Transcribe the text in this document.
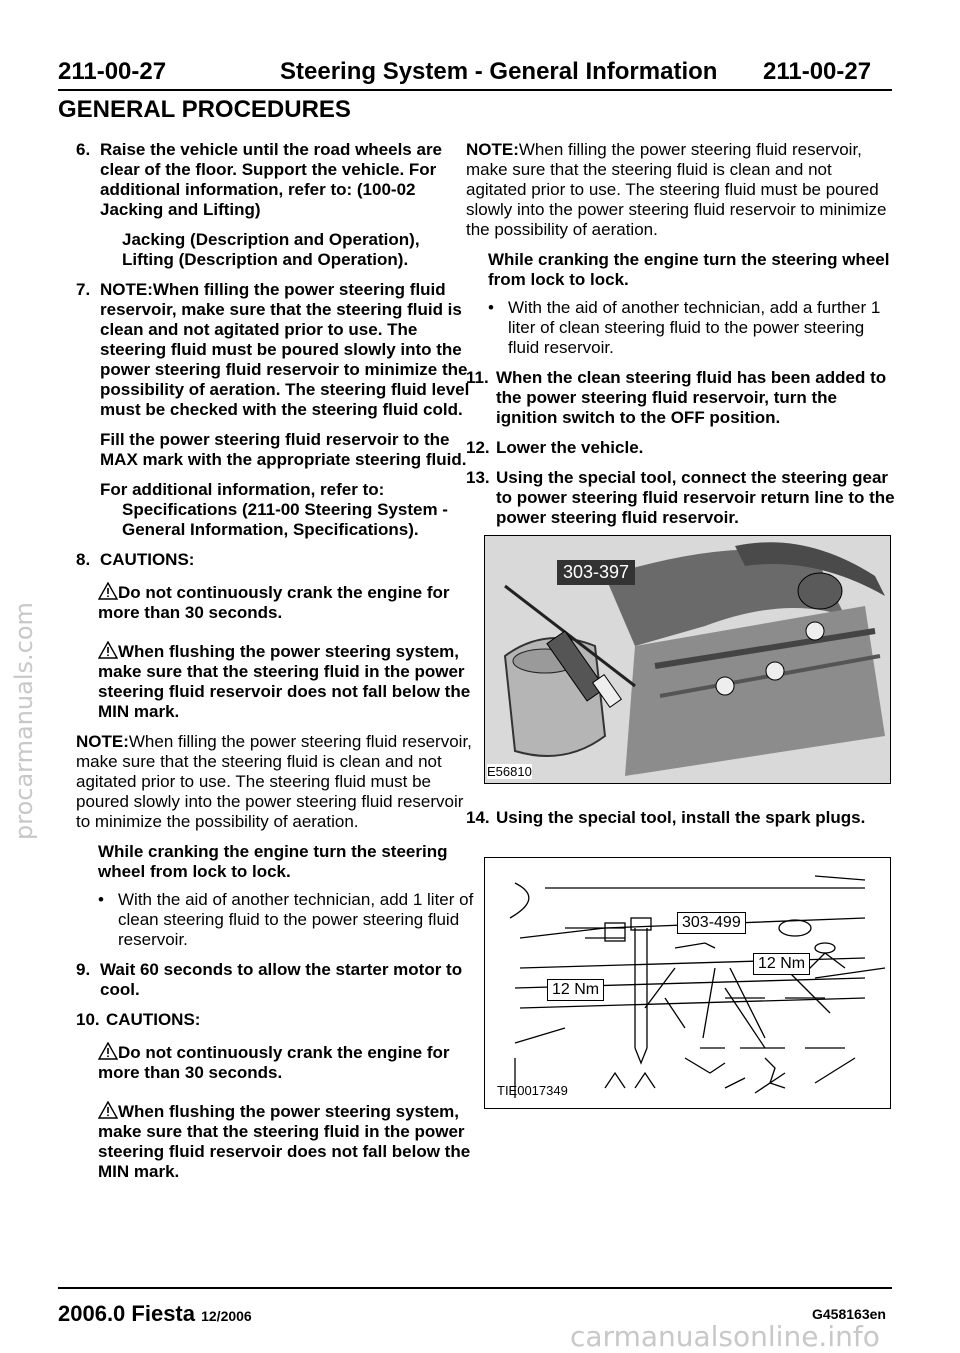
211-00-27	Steering System - General Information 211-00-27
GENERAL PROCEDURES
6. Raise the vehicle until the road wheels are clear of the floor. Support the vehicle. For additional information, refer to: (100-02 Jacking and Lifting)
Jacking (Description and Operation), Lifting (Description and Operation).
7. NOTE:When filling the power steering fluid reservoir, make sure that the steering fluid is clean and not agitated prior to use. The steering fluid must be poured slowly into the power steering fluid reservoir to minimize the possibility of aeration. The steering fluid level must be checked with the steering fluid cold.
Fill the power steering fluid reservoir to the MAX mark with the appropriate steering fluid.
For additional information, refer to:
Specifications (211-00 Steering System - General Information, Specifications).
8. CAUTIONS:
Do not continuously crank the engine for more than 30 seconds.
When flushing the power steering system, make sure that the steering fluid in the power steering fluid reservoir does not fall below the MIN mark.
NOTE:When filling the power steering fluid reservoir, make sure that the steering fluid is clean and not agitated prior to use. The steering fluid must be poured slowly into the power steering fluid reservoir to minimize the possibility of aeration.
While cranking the engine turn the steering wheel from lock to lock.
• With the aid of another technician, add 1 liter of clean steering fluid to the power steering fluid reservoir.
9. Wait 60 seconds to allow the starter motor to cool.
10. CAUTIONS:
Do not continuously crank the engine for more than 30 seconds.
When flushing the power steering system, make sure that the steering fluid in the power steering fluid reservoir does not fall below the MIN mark.
NOTE:When filling the power steering fluid reservoir, make sure that the steering fluid is clean and not agitated prior to use. The steering fluid must be poured slowly into the power steering fluid reservoir to minimize the possibility of aeration.
While cranking the engine turn the steering wheel from lock to lock.
• With the aid of another technician, add a further 1 liter of clean steering fluid to the power steering fluid reservoir.
11. When the clean steering fluid has been added to the power steering fluid reservoir, turn the ignition switch to the OFF position.
12. Lower the vehicle.
13. Using the special tool, connect the steering gear to power steering fluid reservoir return line to the power steering fluid reservoir.
303-397
E56810
14. Using the special tool, install the spark plugs.
303-499
12 Nm
12 Nm
TIE0017349
2006.0 Fiesta 12/2006	G458163en
procarmanuals.com
carmanualsonline.info
